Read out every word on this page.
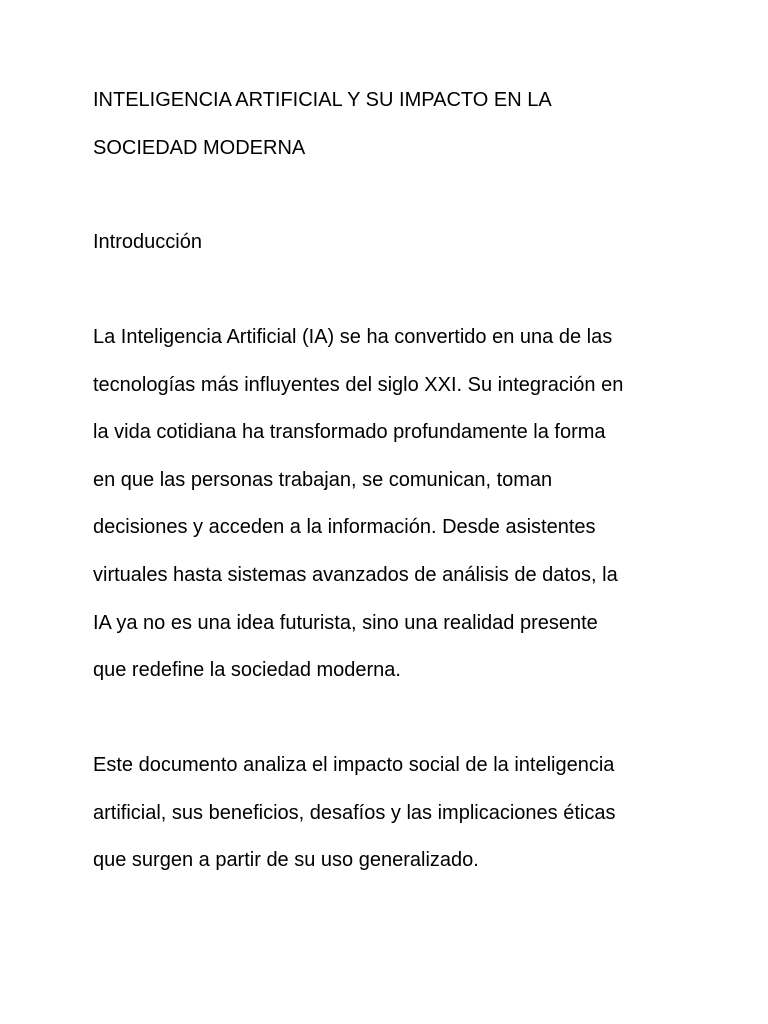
INTELIGENCIA ARTIFICIAL Y SU IMPACTO EN LA
SOCIEDAD MODERNA
Introducción

La Inteligencia Artificial (IA) se ha convertido en una de las
tecnologías más influyentes del siglo XXI. Su integración en
la vida cotidiana ha transformado profundamente la forma
en que las personas trabajan, se comunican, toman
decisiones y acceden a la información. Desde asistentes
virtuales hasta sistemas avanzados de análisis de datos, la
IA ya no es una idea futurista, sino una realidad presente
que redefine la sociedad moderna.

Este documento analiza el impacto social de la inteligencia
artificial, sus beneficios, desafíos y las implicaciones éticas
que surgen a partir de su uso generalizado.
